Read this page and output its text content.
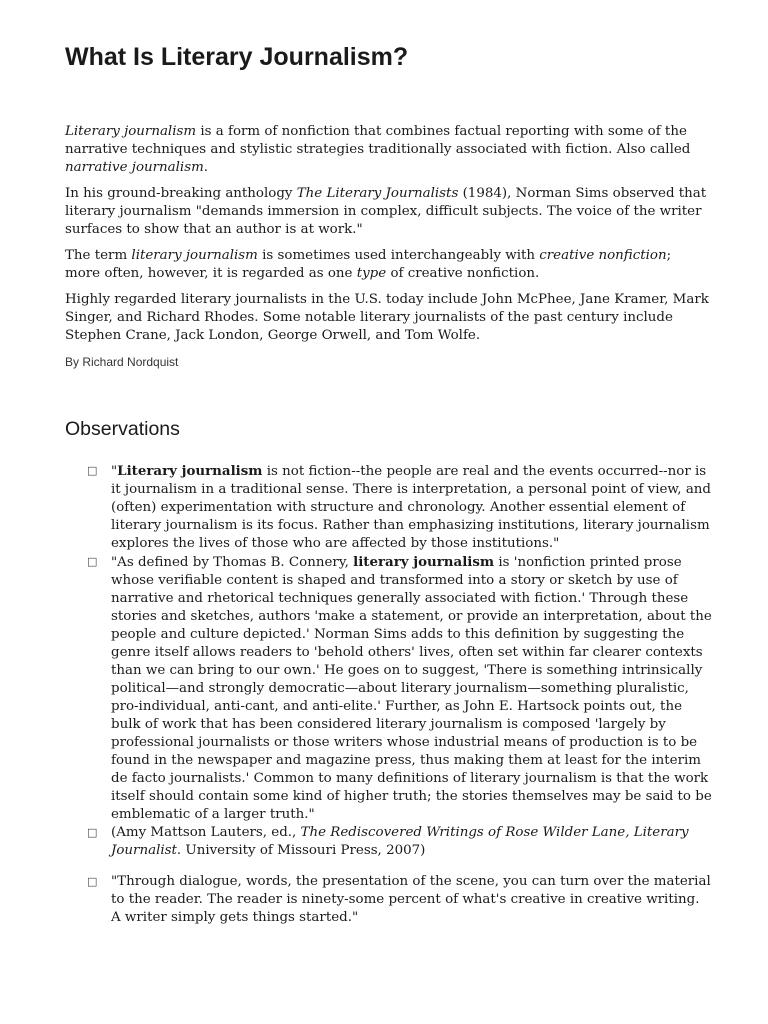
What Is Literary Journalism?

Literary journalism is a form of nonfiction that combines factual reporting with some of the narrative techniques and stylistic strategies traditionally associated with fiction. Also called narrative journalism.

In his ground-breaking anthology The Literary Journalists (1984), Norman Sims observed that literary journalism "demands immersion in complex, difficult subjects. The voice of the writer surfaces to show that an author is at work."

The term literary journalism is sometimes used interchangeably with creative nonfiction; more often, however, it is regarded as one type of creative nonfiction.

Highly regarded literary journalists in the U.S. today include John McPhee, Jane Kramer, Mark Singer, and Richard Rhodes. Some notable literary journalists of the past century include Stephen Crane, Jack London, George Orwell, and Tom Wolfe.

By Richard Nordquist
Observations
□ "Literary journalism is not fiction--the people are real and the events occurred--nor is it journalism in a traditional sense. There is interpretation, a personal point of view, and (often) experimentation with structure and chronology. Another essential element of literary journalism is its focus. Rather than emphasizing institutions, literary journalism explores the lives of those who are affected by those institutions."
□ "As defined by Thomas B. Connery, literary journalism is 'nonfiction printed prose whose verifiable content is shaped and transformed into a story or sketch by use of narrative and rhetorical techniques generally associated with fiction.' Through these stories and sketches, authors 'make a statement, or provide an interpretation, about the people and culture depicted.' Norman Sims adds to this definition by suggesting the genre itself allows readers to 'behold others' lives, often set within far clearer contexts than we can bring to our own.' He goes on to suggest, 'There is something intrinsically political—and strongly democratic—about literary journalism—something pluralistic, pro-individual, anti-cant, and anti-elite.' Further, as John E. Hartsock points out, the bulk of work that has been considered literary journalism is composed 'largely by professional journalists or those writers whose industrial means of production is to be found in the newspaper and magazine press, thus making them at least for the interim de facto journalists.' Common to many definitions of literary journalism is that the work itself should contain some kind of higher truth; the stories themselves may be said to be emblematic of a larger truth."
□ (Amy Mattson Lauters, ed., The Rediscovered Writings of Rose Wilder Lane, Literary Journalist. University of Missouri Press, 2007)
□ "Through dialogue, words, the presentation of the scene, you can turn over the material to the reader. The reader is ninety-some percent of what's creative in creative writing. A writer simply gets things started."
